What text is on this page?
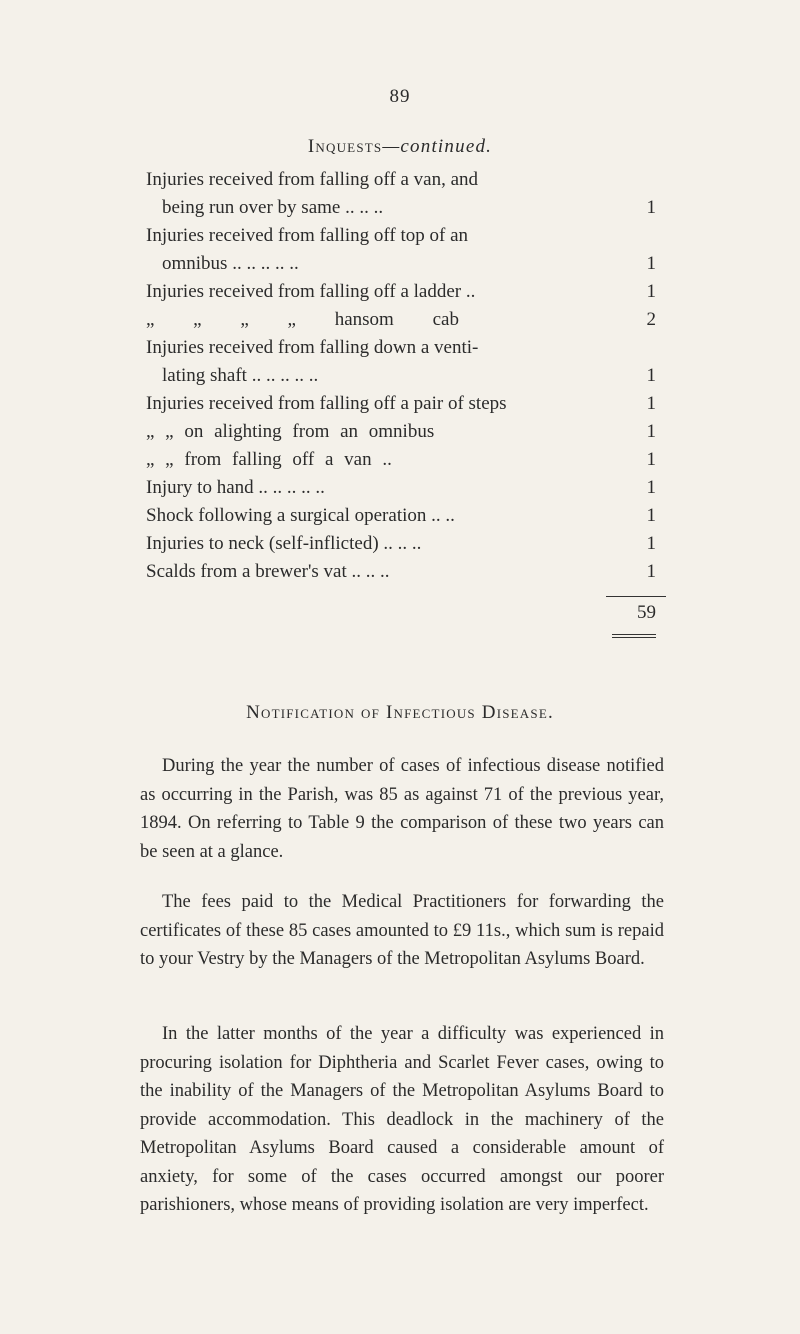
89
Inquests—continued.
Injuries received from falling off a van, and
being run over by same .. .. ..	1
Injuries received from falling off top of an
omnibus .. .. .. .. ..	1
Injuries received from falling off a ladder ..	1
„ „ „ „ hansom cab	2
Injuries received from falling down a venti-
lating shaft .. .. .. .. ..	1
Injuries received from falling off a pair of steps	1
„ „ on alighting from an omnibus	1
„ „ from falling off a van ..	1
Injury to hand .. .. .. .. ..	1
Shock following a surgical operation .. ..	1
Injuries to neck (self-inflicted) .. .. ..	1
Scalds from a brewer's vat .. .. ..	1
59
Notification of Infectious Disease.

During the year the number of cases of infectious disease notified as occurring in the Parish, was 85 as against 71 of the previous year, 1894. On referring to Table 9 the comparison of these two years can be seen at a glance.

The fees paid to the Medical Practitioners for forwarding the certificates of these 85 cases amounted to £9 11s., which sum is repaid to your Vestry by the Managers of the Metropolitan Asylums Board.

In the latter months of the year a difficulty was experienced in procuring isolation for Diphtheria and Scarlet Fever cases, owing to the inability of the Managers of the Metropolitan Asylums Board to provide accommodation. This deadlock in the machinery of the Metropolitan Asylums Board caused a considerable amount of anxiety, for some of the cases occurred amongst our poorer parishioners, whose means of providing isolation are very imperfect.
